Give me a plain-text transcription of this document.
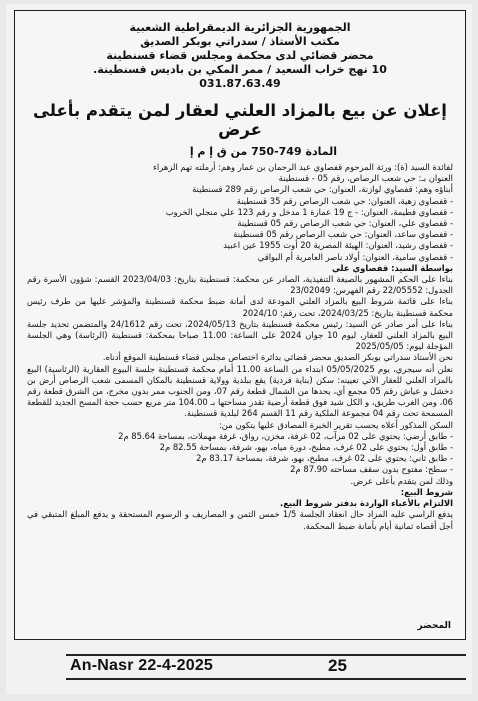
الجمهورية الجزائرية الديمقراطية الشعبية
مكتب الأستاذ / سدراتي بوبكر الصديق
محضر قضائي لدى محكمة ومجلس قضاء قسنطينة
10 نهج خراب السعيد / ممر المكي بن باديس قسنطينة.
031.87.63.49
إعلان عن بيع بالمزاد العلني لعقار لمن يتقدم بأعلى عرض
المادة 749-750 من ق إ م إ

لفائدة السيد (ة): ورثة المرحوم قفصاوي عبد الرحمان بن عمار وهم: أرملته تهم الزهراء

العنوان بـ: حي شعب الرصاص، رقم 05 - قسنطينة

أبناؤه وهم: قفصاوي لوازنة، العنوان: حي شعب الرصاص رقم 289 قسنطينة

- قفصاوي زهية، العنوان: حي شعب الرصاص رقم 35 قسنطينة

- قفصاوي فطيمة، العنوان: - ج 19 عمارة 1 مدخل و رقم 123 علي منجلي الخروب

- قفصاوي علي، العنوان: حي شعب الرصاص رقم 05 قسنطينة

- قفصاوي ساعد، العنوان: حي شعب الرصاص رقم 05 قسنطينة

- قفصاوي رشيد، العنوان: الهيئة المصرية 20 أوت 1955 عين اعبيد

- قفصاوي سامية، العنوان: أولاد ناصر العامرية أم البواقي

بواسطة السيد: قفصاوي علي

بناءا على الحكم المشهور بالصيغة التنفيذية، الصادر عن محكمة: قسنطينة بتاريخ: 2023/04/03 القسم: شؤون الأسرة رقم الجدول: 22/05552 رقم الفهرس: 23/02049

بناءا على قائمة شروط البيع بالمزاد العلني المودعة لدى أمانة ضبط محكمة قسنطينة والمؤشر عليها من طرف رئيس محكمة قسنطينة بتاريخ: 2024/03/25، تحت رقم: 2024/10

بناءا على أمر صادر عن السيد: رئيس محكمة قسنطينة بتاريخ 2024/05/13، تحت رقم 24/1612 والمتضمن تحديد جلسة البيع بالمزاد العلني للعقار، ليوم 10 جوان 2024 على الساعة: 11.00 صباحا بمحكمة: قسنطينة (الرئاسة) وهي الجلسة المؤجلة ليوم: 2025/05/05

نحن الأستاذ سدراتي بوبكر الصديق محضر قضائي بدائرة اختصاص مجلس قضاء قسنطينة الموقع أدناه.

نعلن أنه سيجري، يوم 05/05/2025 ابتداء من الساعة 11.00 أمام محكمة قسنطينة جلسة البيوع العقارية (الرئاسية) البيع بالمزاد العلني للعقار الآتي تعيينه: سكن (بناية فردية) يقع ببلدية وولاية قسنطينة بالمكان المسمى شعب الرصاص أرض بن دخشل و عياش رقم 05 مجمع أي، يحدها من الشمال قطعة رقم 07، ومن الجنوب ممر بدون مخرج، من الشرق قطعة رقم 06، ومن الغرب طريق، و الكل شيد فوق قطعة أرضية تقدر مساحتها بـ 104.00 متر مربع حسب حجة المسح الجديد للقطعة المسمحة تحت رقم 04 مجموعة الملكية رقم 11 القسم 264 لبلدية قسنطينة.

السكن المذكور أعلاه يحسب تقرير الخبرة المصادق عليها يتكون من:

- طابق أرضي: يحتوي على 02 مرآب، 02 غرفة، مخزن، رواق، غرفة مهملات، بمساحة 85.64 م2

- طابق أول: يحتوي على 02 غرف، مطبخ، دورة مياه، بهو، شرفة، بمساحة 82.55 م2

- طابق ثاني: يحتوي على 02 غرف، مطبخ، بهو، شرفة، بمساحة 83.17 م2

- سطح: مفتوح بدون سقف مساحته 87.90 م2

وذلك لمن يتقدم بأعلى عرض.

شروط البيع:

الالتزام بالأعباء الواردة بدفتر شروط البيع.

يدفع الراسي عليه المزاد حال انعقاد الجلسة 1/5 خمس الثمن و المصاريف و الرسوم المستحقة و يدفع المبلغ المتبقي في أجل أقصاه ثمانية أيام بأمانة ضبط المحكمة.

المحضر
An-Nasr 22-4-2025	25
